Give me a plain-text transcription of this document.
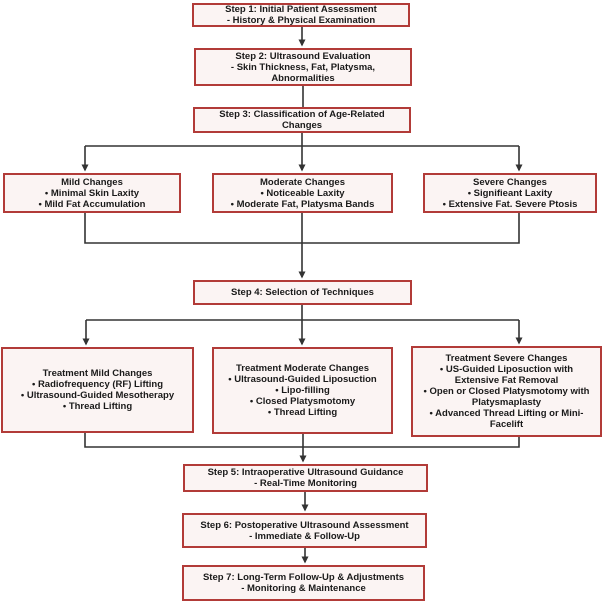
Step 1: Initial Patient Assessment
- History & Physical Examination
Step 2: Ultrasound Evaluation
- Skin Thickness, Fat, Platysma,
Abnormalities
Step 3: Classification of Age-Related
Changes
Mild Changes
• Minimal Skin Laxity
• Mild Fat Accumulation
Moderate Changes
• Noticeable Laxity
• Moderate Fat, Platysma Bands
Severe Changes
• Signifieant Laxity
• Extensive Fat. Severe Ptosis
Step 4: Selection of Techniques
Treatment Mild Changes
• Radiofrequency (RF) Lifting
• Ultrasound-Guided Mesotherapy
• Thread Lifting
Treatment Moderate Changes
• Ultrasound-Guided Liposuction
• Lipo-filling
• Closed Platysmotomy
• Thread Lifting
Treatment Severe Changes
• US-Guided Liposuction with Extensive Fat Removal
• Open or Closed Platysmotomy with Platysmaplasty
• Advanced Thread Lifting or Mini-Facelift
Step 5: Intraoperative Ultrasound Guidance
- Real-Time Monitoring
Step 6: Postoperative Ultrasound Assessment
- Immediate & Follow-Up
Step 7: Long-Term Follow-Up & Adjustments
- Monitoring & Maintenance
